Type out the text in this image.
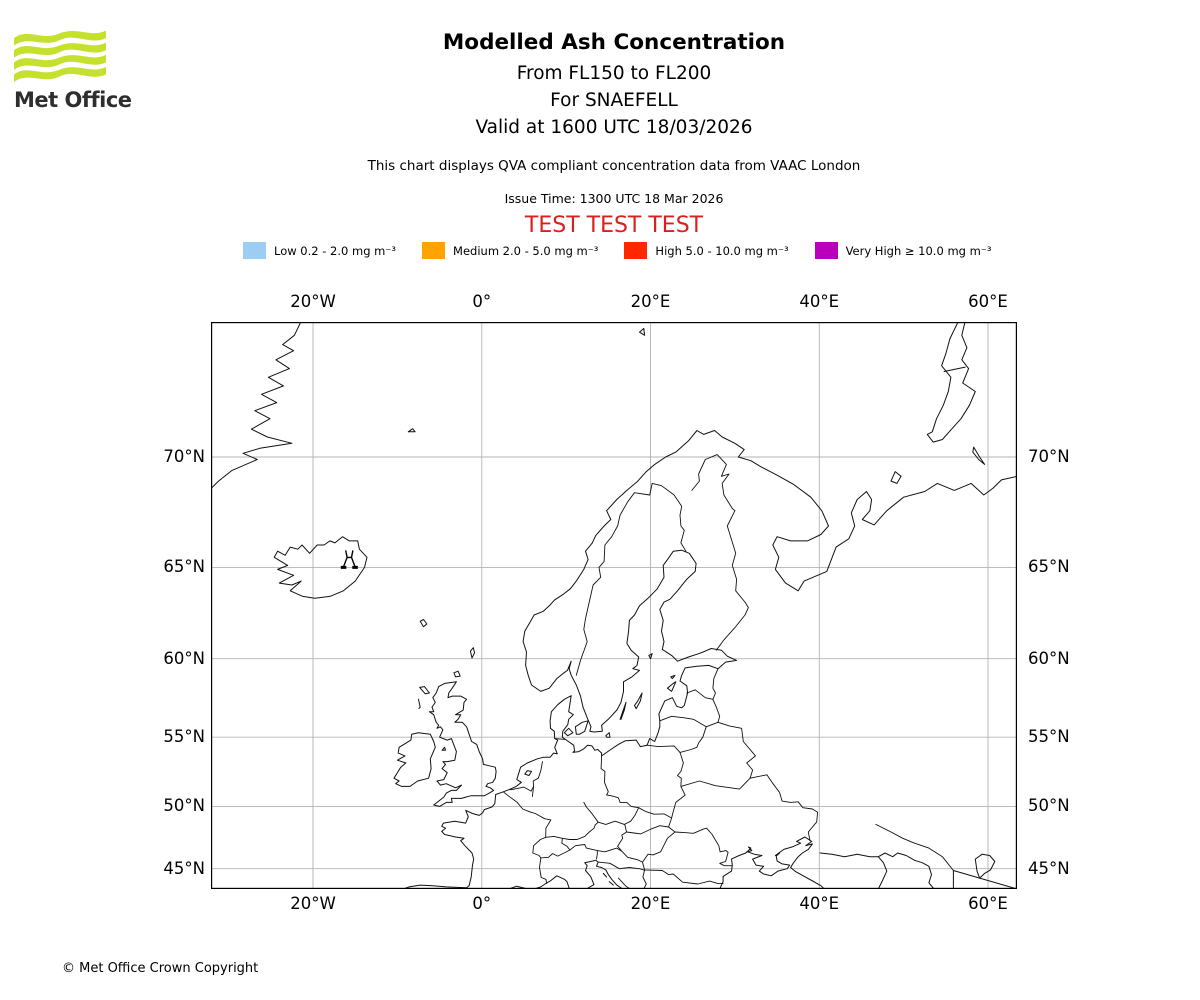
Met Office
Modelled Ash Concentration
From FL150 to FL200
For SNAEFELL
Valid at 1600 UTC 18/03/2026
This chart displays QVA compliant concentration data from VAAC London
Issue Time: 1300 UTC 18 Mar 2026
TEST TEST TEST
Low 0.2 - 2.0 mg m⁻³	Medium 2.0 - 5.0 mg m⁻³	High 5.0 - 10.0 mg m⁻³	Very High ≥ 10.0 mg m⁻³
20°W
20°W
0°
0°
20°E
20°E
40°E
40°E
60°E
60°E
70°N	70°N
65°N	65°N
60°N	60°N
55°N	55°N
50°N	50°N
45°N	45°N
© Met Office Crown Copyright
